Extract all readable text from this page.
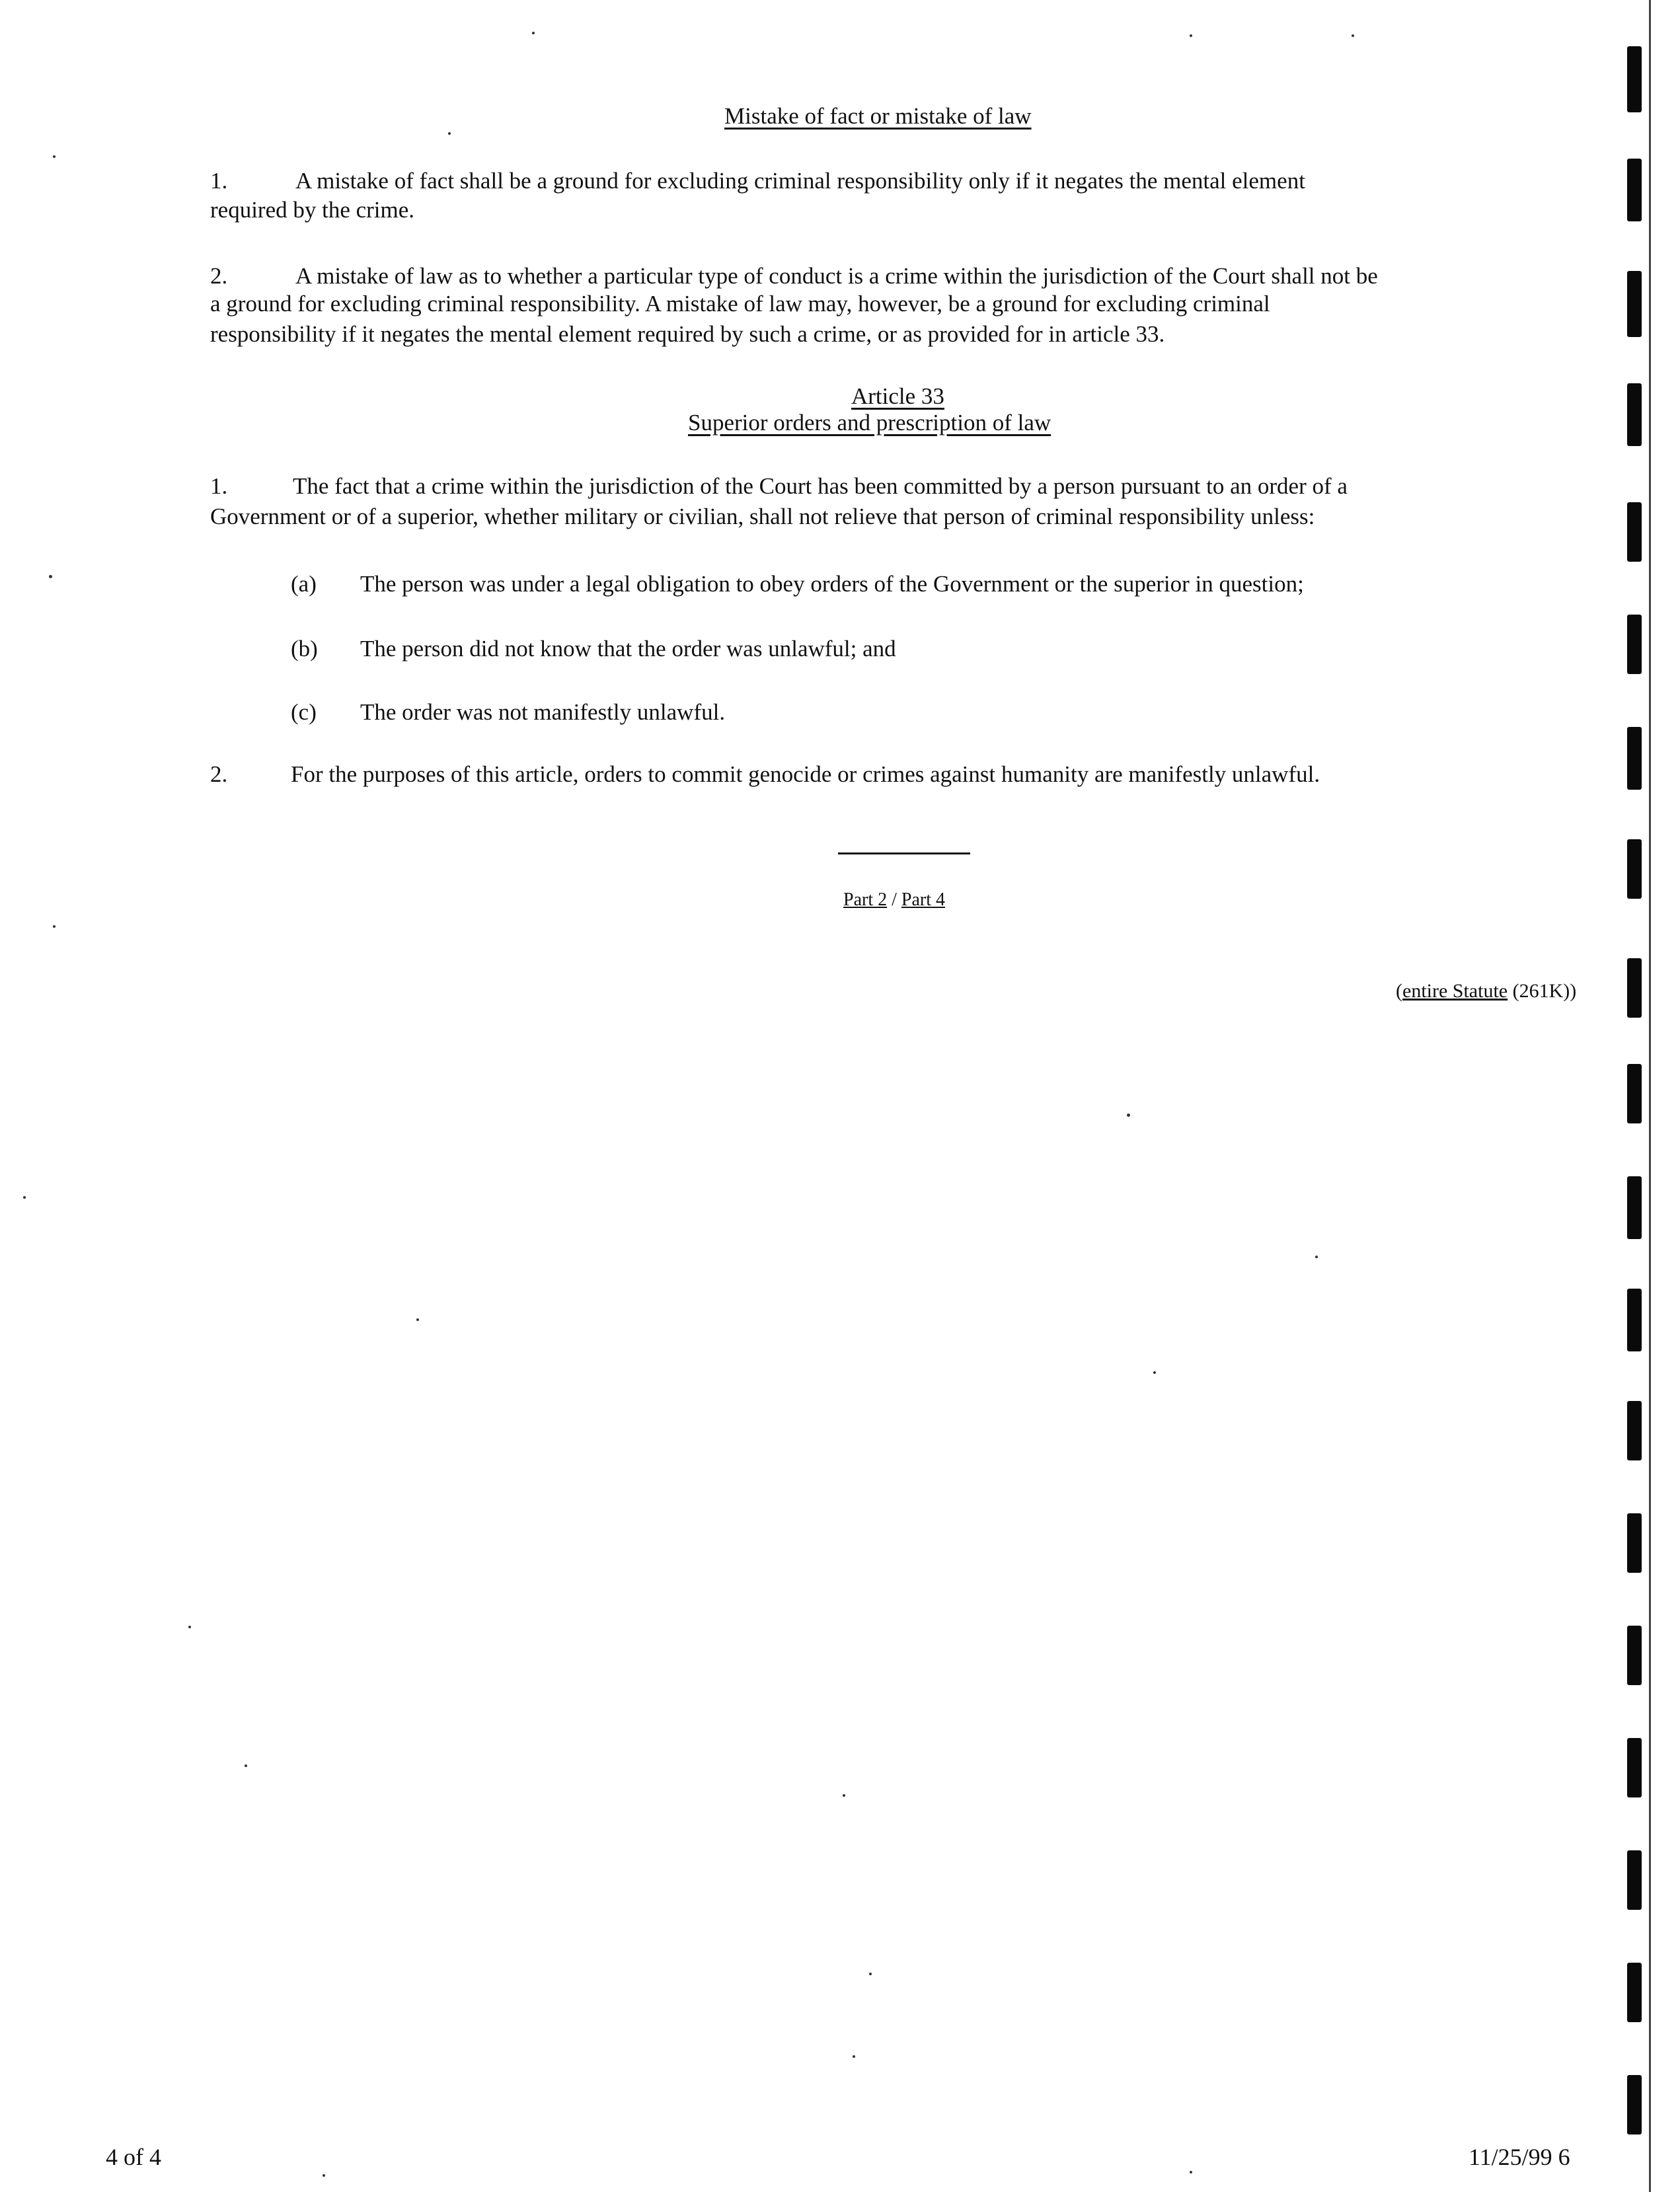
Mistake of fact or mistake of law
1.	A mistake of fact shall be a ground for excluding criminal responsibility only if it negates the mental element
required by the crime.
2.	A mistake of law as to whether a particular type of conduct is a crime within the jurisdiction of the Court shall not be
a ground for excluding criminal responsibility. A mistake of law may, however, be a ground for excluding criminal
responsibility if it negates the mental element required by such a crime, or as provided for in article 33.
Article 33
Superior orders and prescription of law
1.	The fact that a crime within the jurisdiction of the Court has been committed by a person pursuant to an order of a
Government or of a superior, whether military or civilian, shall not relieve that person of criminal responsibility unless:
(a) The person was under a legal obligation to obey orders of the Government or the superior in question;
(b) The person did not know that the order was unlawful; and
(c) The order was not manifestly unlawful.
2.	For the purposes of this article, orders to commit genocide or crimes against humanity are manifestly unlawful.
Part 2 / Part 4
(entire Statute (261K))
4 of 4	11/25/99 6
